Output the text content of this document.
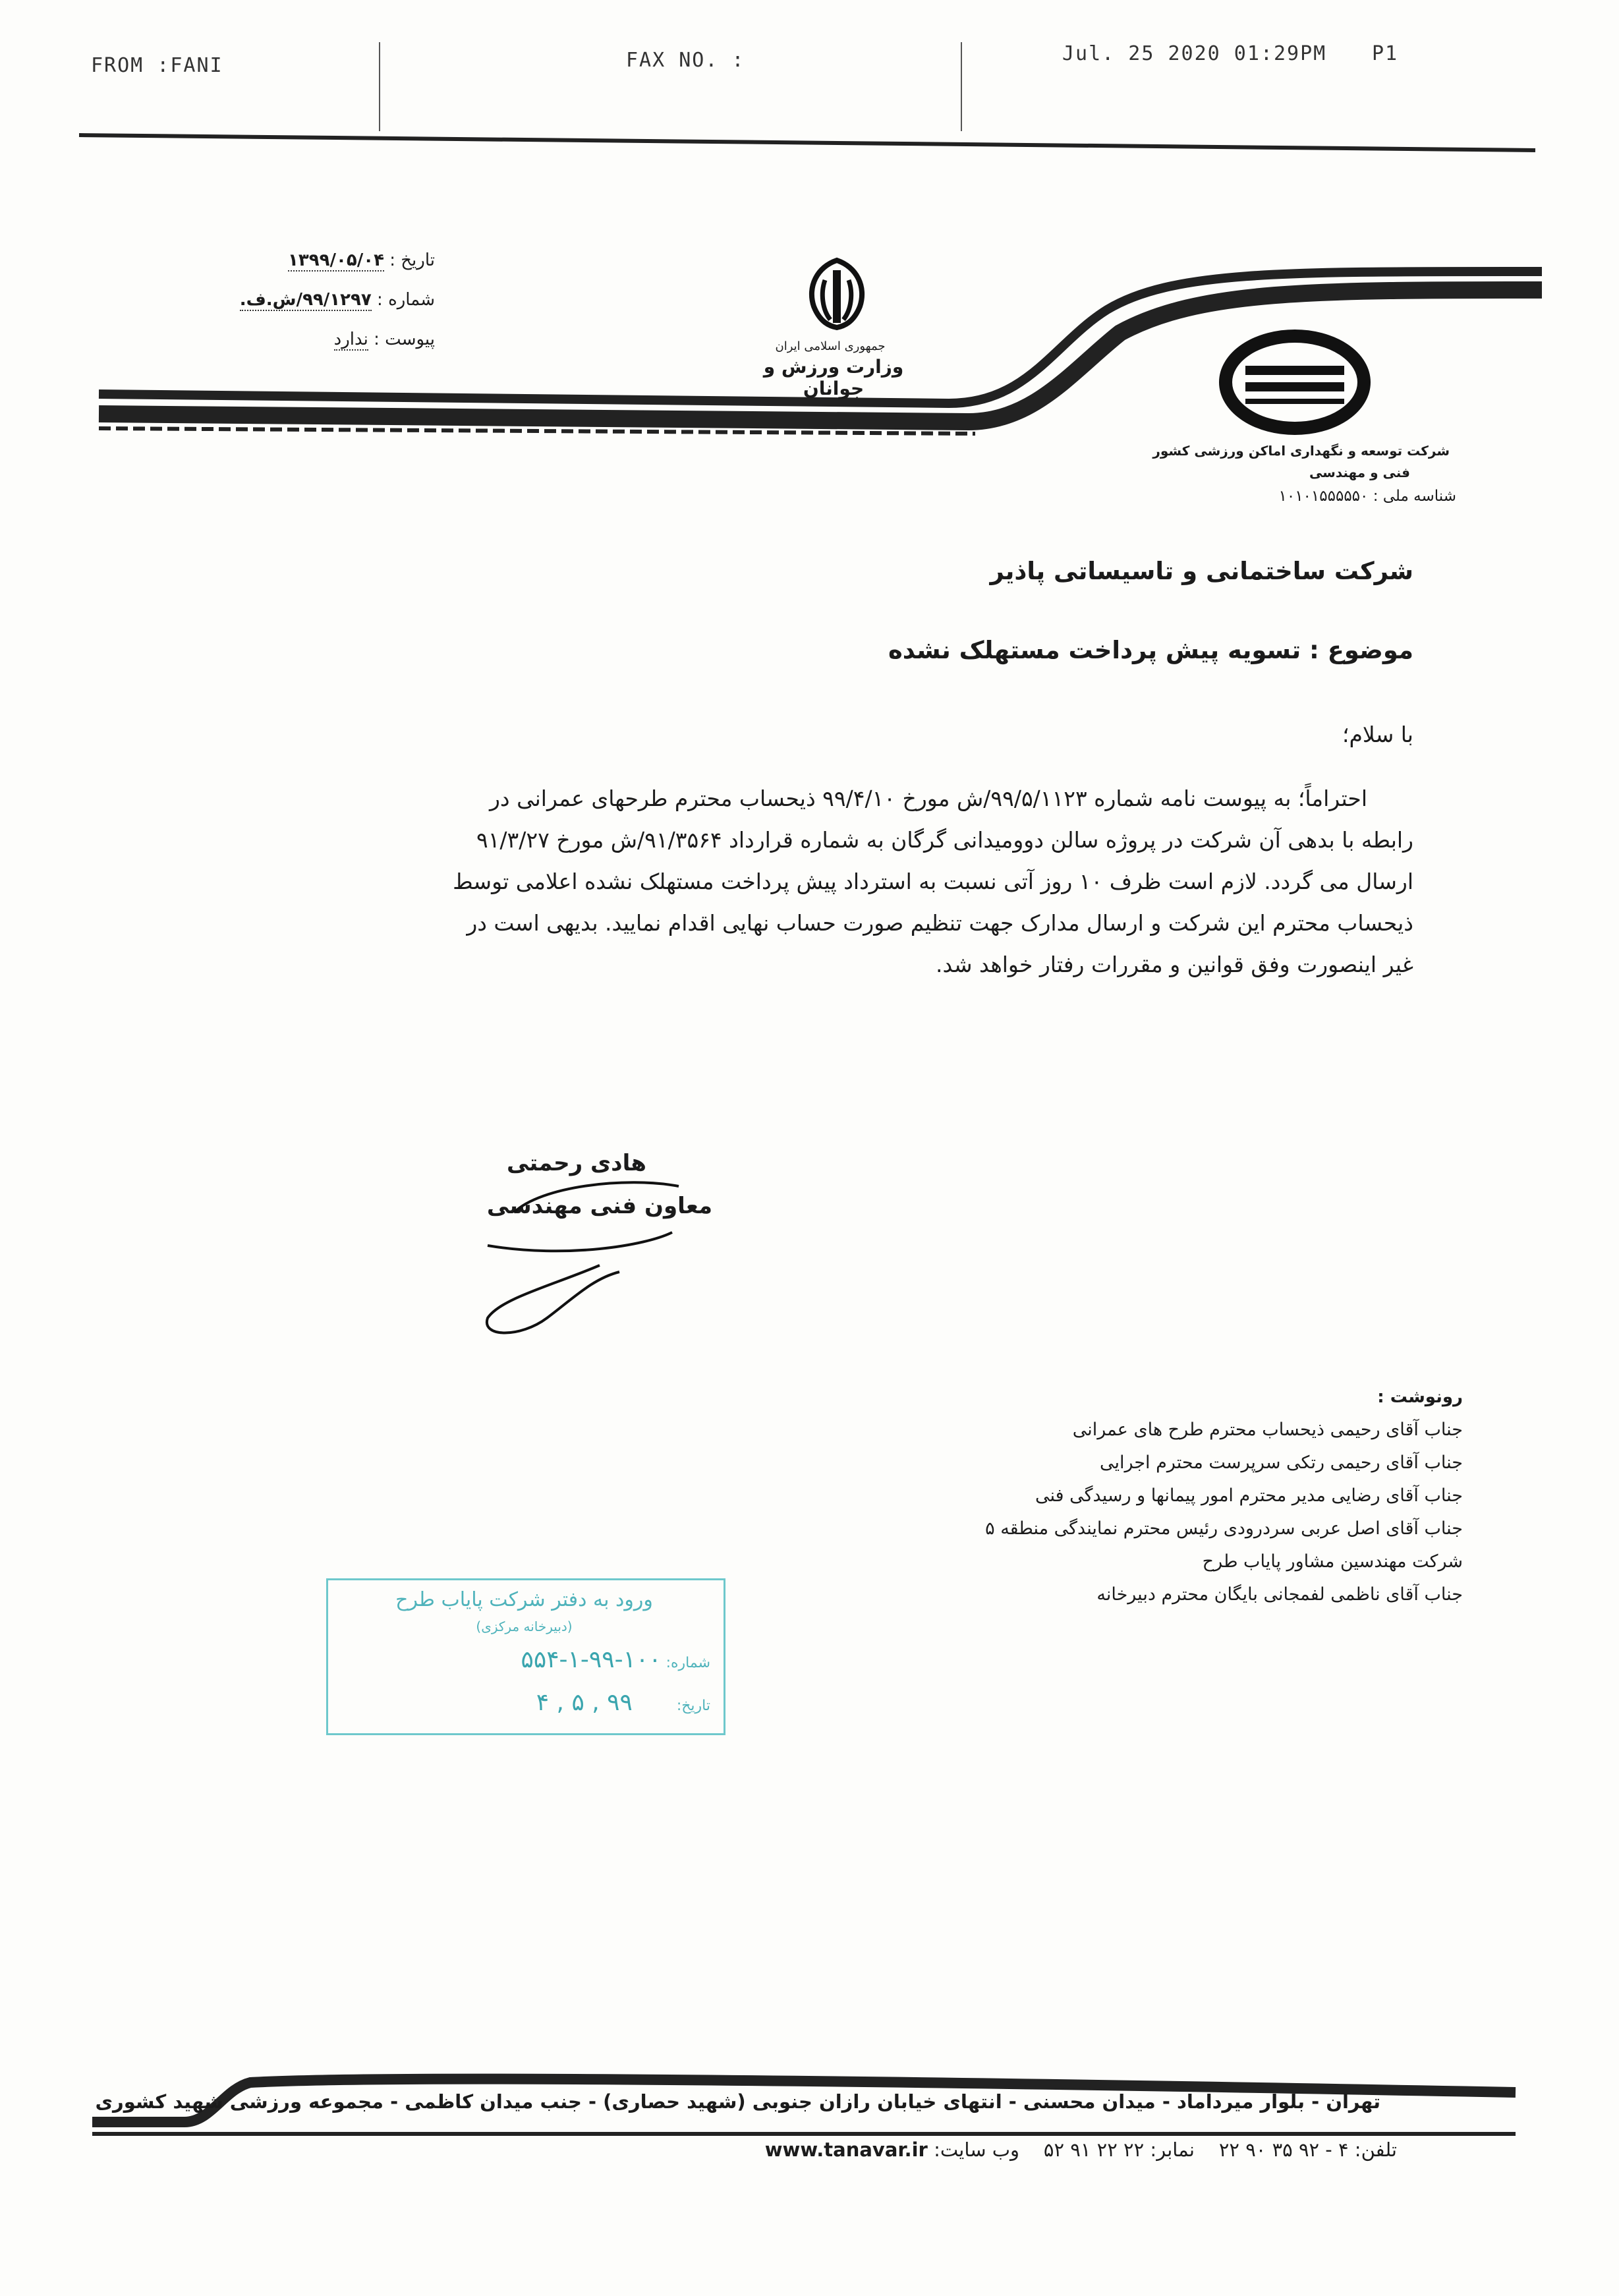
FROM :FANI	FAX NO. :	Jul. 25 2020 01:29PM P1
تاریخ : ۱۳۹۹/۰۵/۰۴
شماره : ۹۹/۱۲۹۷/ش.ف.
پیوست : ندارد	جمهوری اسلامی ایران
وزارت ورزش و جوانان
شرکت توسعه و نگهداری اماکن ورزشی کشور
فنی و مهندسی
شناسه ملی : ۱۰۱۰۱۵۵۵۵۵۰
شرکت ساختمانی و تاسیساتی پاذیر
موضوع : تسویه پیش پرداخت مستهلک نشده
با سلام؛
احتراماً؛ به پیوست نامه شماره ۹۹/۵/۱۱۲۳/ش مورخ ۹۹/۴/۱۰ ذیحساب محترم طرحهای عمرانی در
رابطه با بدهی آن شرکت در پروژه سالن دوومیدانی گرگان به شماره قرارداد ۹۱/۳۵۶۴/ش مورخ ۹۱/۳/۲۷
ارسال می گردد. لازم است ظرف ۱۰ روز آتی نسبت به استرداد پیش پرداخت مستهلک نشده اعلامی توسط
ذیحساب محترم این شرکت و ارسال مدارک جهت تنظیم صورت حساب نهایی اقدام نمایید. بدیهی است در
غیر اینصورت وفق قوانین و مقررات رفتار خواهد شد.
هادی رحمتی
معاون فنی مهندسی
رونوشت :
جناب آقای رحیمی ذیحساب محترم طرح های عمرانی
جناب آقای رحیمی رتکی سرپرست محترم اجرایی
جناب آقای رضایی مدیر محترم امور پیمانها و رسیدگی فنی
جناب آقای اصل عربی سردرودی رئیس محترم نمایندگی منطقه ۵
شرکت مهندسین مشاور پایاب طرح
جناب آقای ناظمی لفمجانی بایگان محترم دبیرخانه
ورود به دفتر شرکت پایاب طرح
(دبیرخانه مرکزی)
شماره: ۱۰۰-۹۹-۱-۵۵۴
تاریخ: ۹۹ , ۵ , ۴
تهران - بلوار میرداماد - میدان محسنی - انتهای خیابان رازان جنوبی (شهید حصاری) - جنب میدان کاظمی - مجموعه ورزشی شهید کشوری
تلفن: ۴ - ۹۲ ۳۵ ۹۰ ۲۲    نمابر: ۲۲ ۲۲ ۹۱ ۵۲    وب سایت: www.tanavar.ir
